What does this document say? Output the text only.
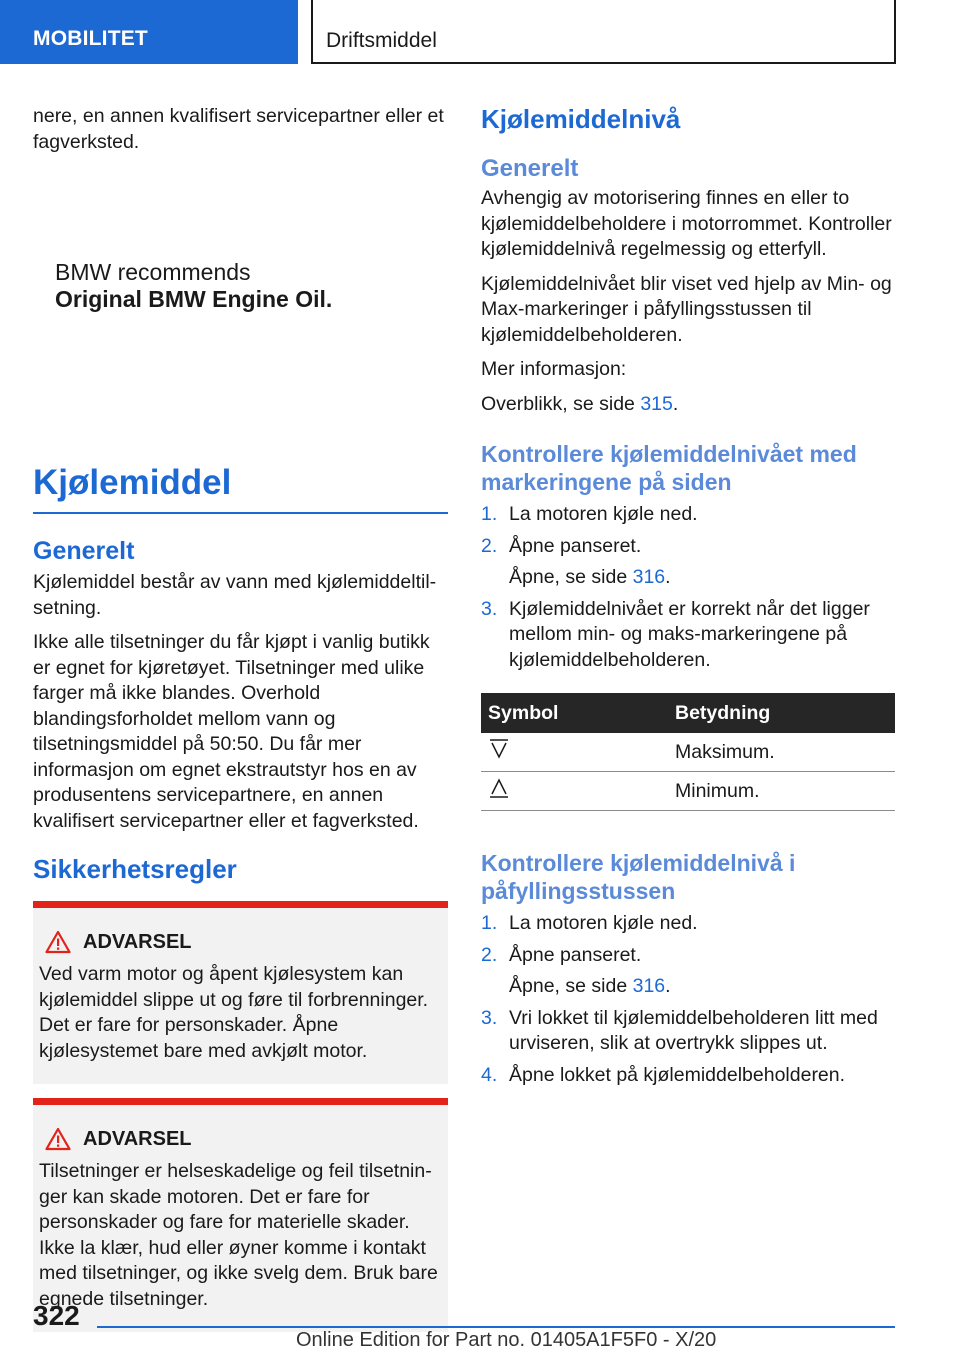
MOBILITET	Driftsmiddel

nere, en annen kvalifisert servicepartner eller et fagverksted.

BMW recommends
Original BMW Engine Oil.
Kjølemiddel
Generelt

Kjølemiddel består av vann med kjølemiddeltilsetning.

Ikke alle tilsetninger du får kjøpt i vanlig butikk er egnet for kjøretøyet. Tilsetninger med ulike farger må ikke blandes. Overhold blandingsforholdet mellom vann og tilsetningsmiddel på 50:50. Du får mer informasjon om egnet ekstrautstyr hos en av produsentens servicepartnere, en annen kvalifisert servicepartner eller et fagverksted.

Sikkerhetsregler
ADVARSEL

Ved varm motor og åpent kjølesystem kan kjølemiddel slippe ut og føre til forbrenninger. Det er fare for personskader. Åpne kjølesystemet bare med avkjølt motor.

ADVARSEL

Tilsetninger er helseskadelige og feil tilsetninger kan skade motoren. Det er fare for personskader og fare for materielle skader. Ikke la klær, hud eller øyner komme i kontakt med tilsetninger, og ikke svelg dem. Bruk bare egnede tilsetninger.

Kjølemiddelnivå
Generelt

Avhengig av motorisering finnes en eller to kjølemiddelbeholdere i motorrommet. Kontroller kjølemiddelnivå regelmessig og etterfyll.

Kjølemiddelnivået blir viset ved hjelp av Min- og Max-markeringer i påfyllingsstussen til kjølemiddelbeholderen.

Mer informasjon:

Overblikk, se side 315.

Kontrollere kjølemiddelnivået med markeringene på siden
1. La motoren kjøle ned.
2. Åpne panseret.
Åpne, se side 316.
3. Kjølemiddelnivået er korrekt når det ligger mellom min- og maks-markeringene på kjølemiddelbeholderen.
Symbol	Betydning
	Maksimum.
	Minimum.
Kontrollere kjølemiddelnivå i påfyllingsstussen
1. La motoren kjøle ned.
2. Åpne panseret.
Åpne, se side 316.
3. Vri lokket til kjølemiddelbeholderen litt med urviseren, slik at overtrykk slippes ut.
4. Åpne lokket på kjølemiddelbeholderen.
322
Online Edition for Part no. 01405A1F5F0 - X/20
